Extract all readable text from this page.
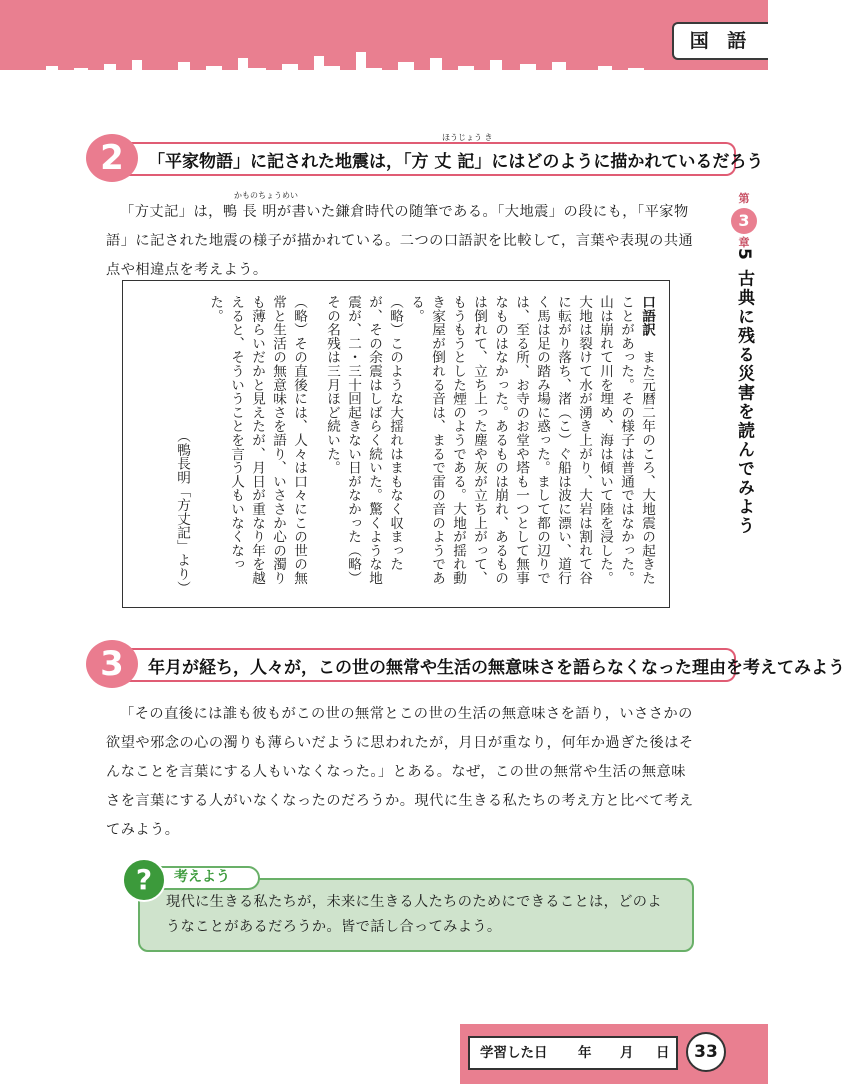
国 語
第
3
章
5 古典に残る災害を読んでみよう
「平家物語」に記された地震は，「方 丈 記」にはどのように描かれているだろう
ほうじょう き
2
かものちょうめい
「方丈記」は，鴨 長 明が書いた鎌倉時代の随筆である。「大地震」の段にも，「平家物語」に記された地震の様子が描かれている。二つの口語訳を比較して，言葉や表現の共通点や相違点を考えよう。

口語訳　また元暦二年のころ、大地震の起きたことがあった。その様子は普通ではなかった。山は崩れて川を埋め、海は傾いて陸を浸した。大地は裂けて水が湧き上がり、大岩は割れて谷に転がり落ち、渚（こ）ぐ船は波に漂い、道行く馬は足の踏み場に惑った。まして都の辺りでは、至る所、お寺のお堂や塔も一つとして無事なものはなかった。あるものは崩れ、あるものは倒れて、立ち上った塵や灰が立ち上がって、もうもうとした煙のようである。大地が揺れ動き家屋が倒れる音は、まるで雷の音のようである。

（略）このような大揺れはまもなく収まったが、その余震はしばらく続いた。驚くような地震が、二・三十回起きない日がなかった（略）その名残は三月ほど続いた。

（略）その直後には、人々は口々にこの世の無常と生活の無意味さを語り、いささか心の濁りも薄らいだかと見えたが、月日が重なり年を越えると、そういうことを言う人もいなくなった。

（鴨長明「方丈記」より）

年月が経ち，人々が，この世の無常や生活の無意味さを語らなくなった理由を考えてみよう
3
「その直後には誰も彼もがこの世の無常とこの世の生活の無意味さを語り，いささかの欲望や邪念の心の濁りも薄らいだように思われたが，月日が重なり，何年か過ぎた後はそんなことを言葉にする人もいなくなった。」とある。なぜ，この世の無常や生活の無意味さを言葉にする人がいなくなったのだろうか。現代に生きる私たちの考え方と比べて考えてみよう。
現代に生きる私たちが，未来に生きる人たちのためにできることは，どのようなことがあるだろうか。皆で話し合ってみよう。
考えよう
?
学習した日 年 月 日	33
